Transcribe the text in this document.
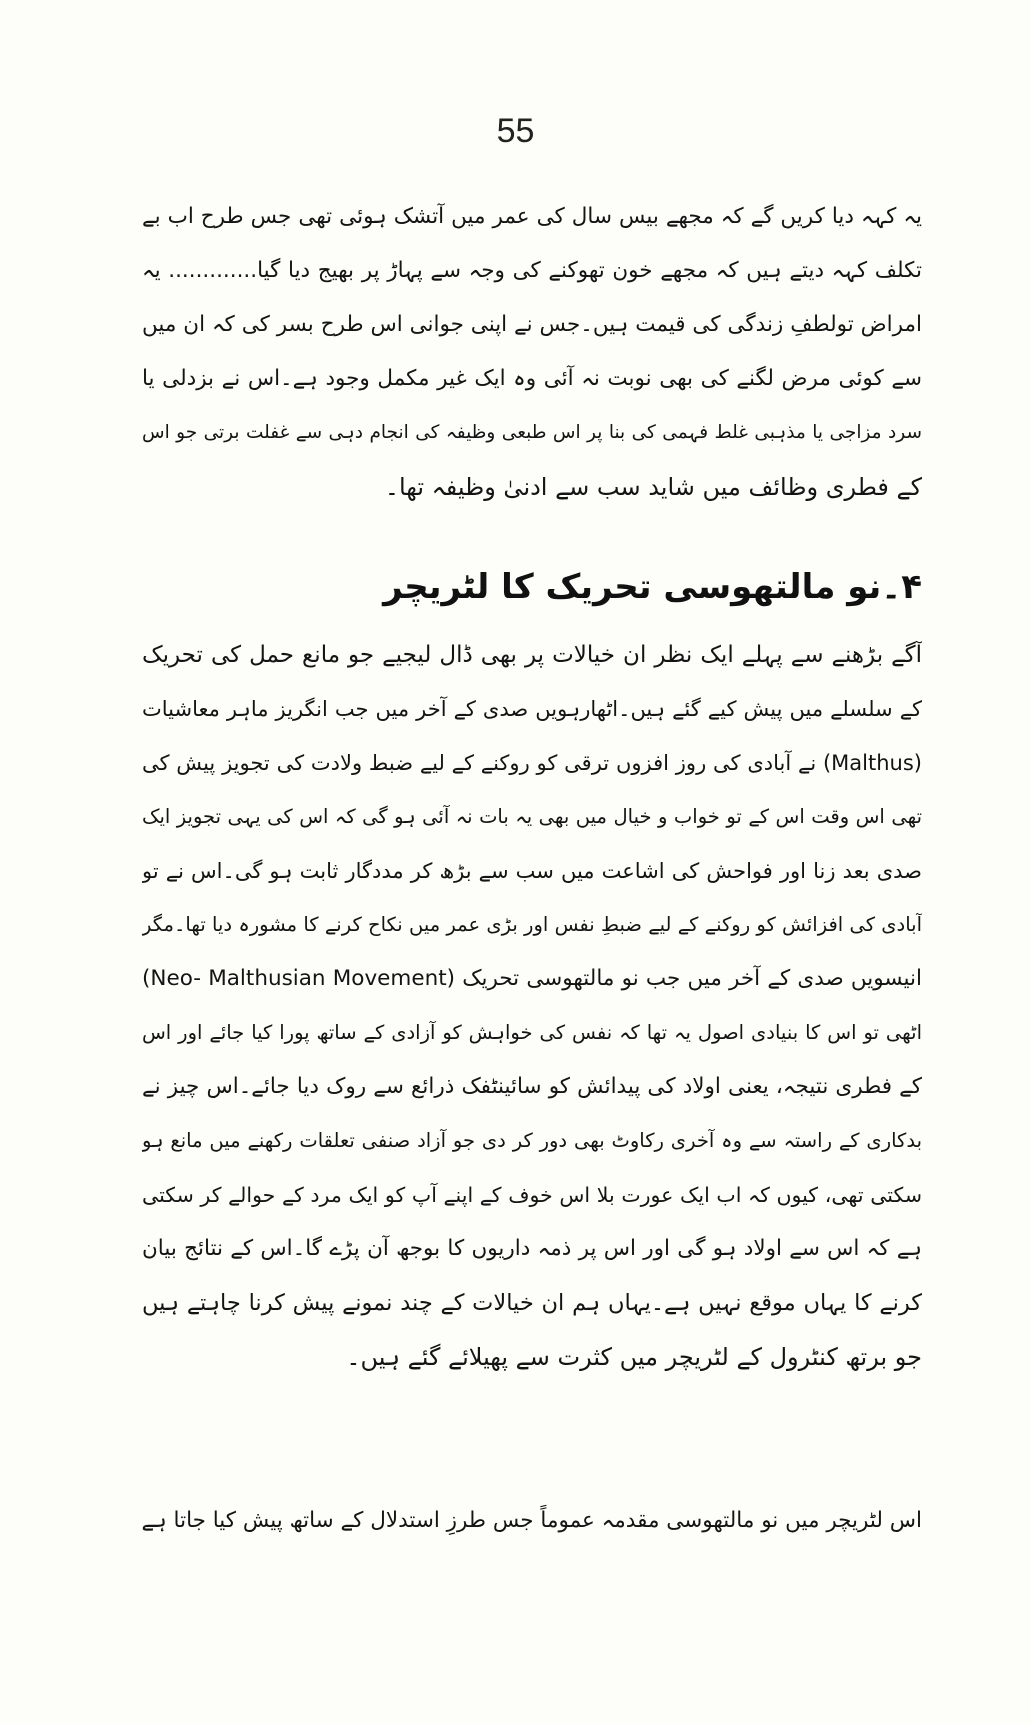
55
یہ کہہ دیا کریں گے کہ مجھے بیس سال کی عمر میں آتشک ہوئی تھی جس طرح اب بے
تکلف کہہ دیتے ہیں کہ مجھے خون تھوکنے کی وجہ سے پہاڑ پر بھیج دیا گیا............. یہ
امراض تولطفِ زندگی کی قیمت ہیں۔جس نے اپنی جوانی اس طرح بسر کی کہ ان میں
سے کوئی مرض لگنے کی بھی نوبت نہ آئی وہ ایک غیر مکمل وجود ہے۔اس نے بزدلی یا
سرد مزاجی یا مذہبی غلط فہمی کی بنا پر اس طبعی وظیفہ کی انجام دہی سے غفلت برتی جو اس
کے فطری وظائف میں شاید سب سے ادنیٰ وظیفہ تھا۔
۴۔نو مالتھوسی تحریک کا لٹریچر
آگے بڑھنے سے پہلے ایک نظر ان خیالات پر بھی ڈال لیجیے جو مانع حمل کی تحریک
کے سلسلے میں پیش کیے گئے ہیں۔اٹھارہویں صدی کے آخر میں جب انگریز ماہر معاشیات
(Malthus) نے آبادی کی روز افزوں ترقی کو روکنے کے لیے ضبط ولادت کی تجویز پیش کی
تھی اس وقت اس کے تو خواب و خیال میں بھی یہ بات نہ آئی ہو گی کہ اس کی یہی تجویز ایک
صدی بعد زنا اور فواحش کی اشاعت میں سب سے بڑھ کر مددگار ثابت ہو گی۔اس نے تو
آبادی کی افزائش کو روکنے کے لیے ضبطِ نفس اور بڑی عمر میں نکاح کرنے کا مشورہ دیا تھا۔مگر
انیسویں صدی کے آخر میں جب نو مالتھوسی تحریک (Neo- Malthusian Movement)
اٹھی تو اس کا بنیادی اصول یہ تھا کہ نفس کی خواہش کو آزادی کے ساتھ پورا کیا جائے اور اس
کے فطری نتیجہ، یعنی اولاد کی پیدائش کو سائینٹفک ذرائع سے روک دیا جائے۔اس چیز نے
بدکاری کے راستہ سے وہ آخری رکاوٹ بھی دور کر دی جو آزاد صنفی تعلقات رکھنے میں مانع ہو
سکتی تھی، کیوں کہ اب ایک عورت بلا اس خوف کے اپنے آپ کو ایک مرد کے حوالے کر سکتی
ہے کہ اس سے اولاد ہو گی اور اس پر ذمہ داریوں کا بوجھ آن پڑے گا۔اس کے نتائج بیان
کرنے کا یہاں موقع نہیں ہے۔یہاں ہم ان خیالات کے چند نمونے پیش کرنا چاہتے ہیں
جو برتھ کنٹرول کے لٹریچر میں کثرت سے پھیلائے گئے ہیں۔
اس لٹریچر میں نو مالتھوسی مقدمہ عموماً جس طرزِ استدلال کے ساتھ پیش کیا جاتا ہے
